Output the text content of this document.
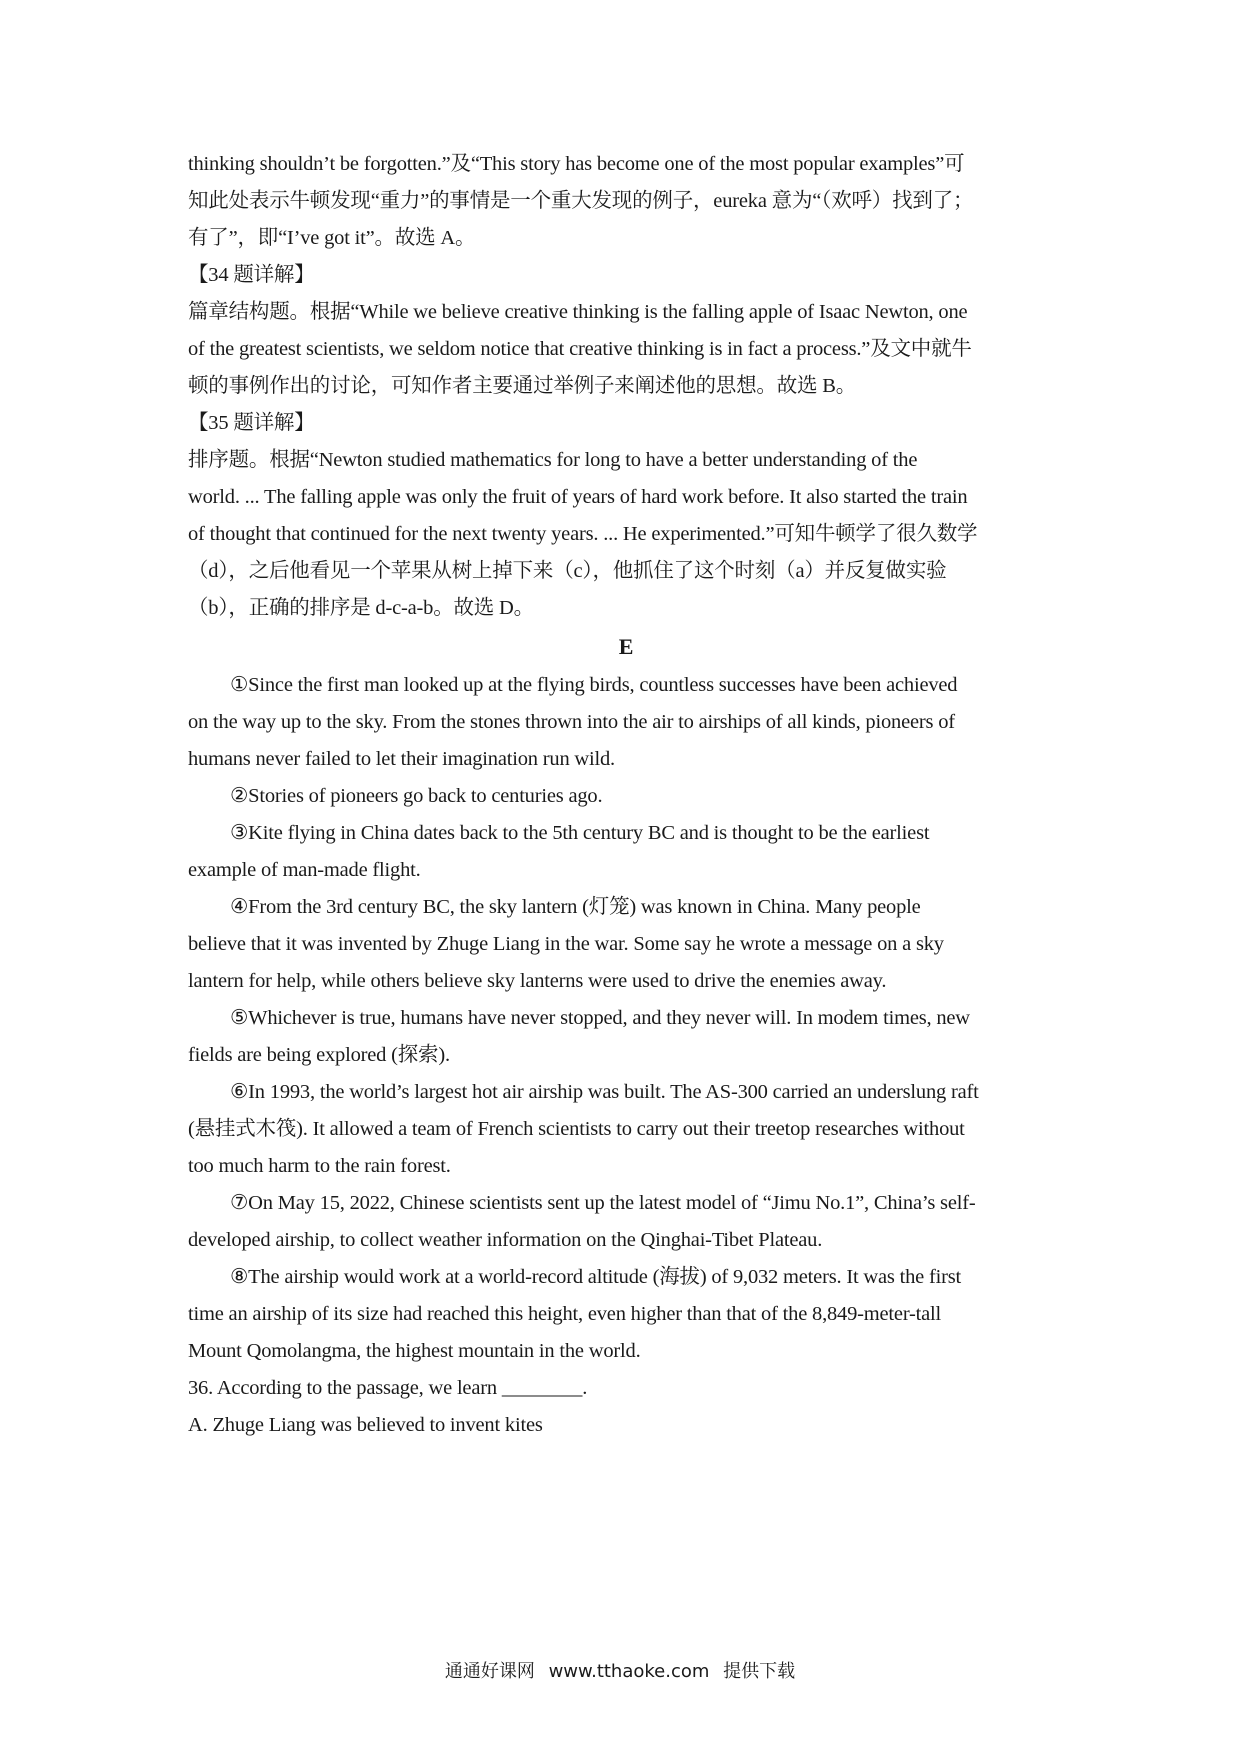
thinking shouldn’t be forgotten.”及“This story has become one of the most popular examples”可
知此处表示牛顿发现“重力”的事情是一个重大发现的例子，eureka 意为“（欢呼）找到了；
有了”，即“I’ve got it”。故选 A。
【34 题详解】
篇章结构题。根据“While we believe creative thinking is the falling apple of Isaac Newton, one
of the greatest scientists, we seldom notice that creative thinking is in fact a process.”及文中就牛
顿的事例作出的讨论，可知作者主要通过举例子来阐述他的思想。故选 B。
【35 题详解】
排序题。根据“Newton studied mathematics for long to have a better understanding of the
world. ... The falling apple was only the fruit of years of hard work before. It also started the train
of thought that continued for the next twenty years. ... He experimented.”可知牛顿学了很久数学
（d），之后他看见一个苹果从树上掉下来（c），他抓住了这个时刻（a）并反复做实验
（b），正确的排序是 d-c-a-b。故选 D。
E
①Since the first man looked up at the flying birds, countless successes have been achieved
on the way up to the sky. From the stones thrown into the air to airships of all kinds, pioneers of
humans never failed to let their imagination run wild.
②Stories of pioneers go back to centuries ago.
③Kite flying in China dates back to the 5th century BC and is thought to be the earliest
example of man-made flight.
④From the 3rd century BC, the sky lantern (灯笼) was known in China. Many people
believe that it was invented by Zhuge Liang in the war. Some say he wrote a message on a sky
lantern for help, while others believe sky lanterns were used to drive the enemies away.
⑤Whichever is true, humans have never stopped, and they never will. In modem times, new
fields are being explored (探索).
⑥In 1993, the world’s largest hot air airship was built. The AS-300 carried an underslung raft
(悬挂式木筏). It allowed a team of French scientists to carry out their treetop researches without
too much harm to the rain forest.
⑦On May 15, 2022, Chinese scientists sent up the latest model of “Jimu No.1”, China’s self-
developed airship, to collect weather information on the Qinghai-Tibet Plateau.
⑧The airship would work at a world-record altitude (海拔) of 9,032 meters. It was the first
time an airship of its size had reached this height, even higher than that of the 8,849-meter-tall
Mount Qomolangma, the highest mountain in the world.
36. According to the passage, we learn ________.
A. Zhuge Liang was believed to invent kites
通通好课网 www.tthaoke.com 提供下载
